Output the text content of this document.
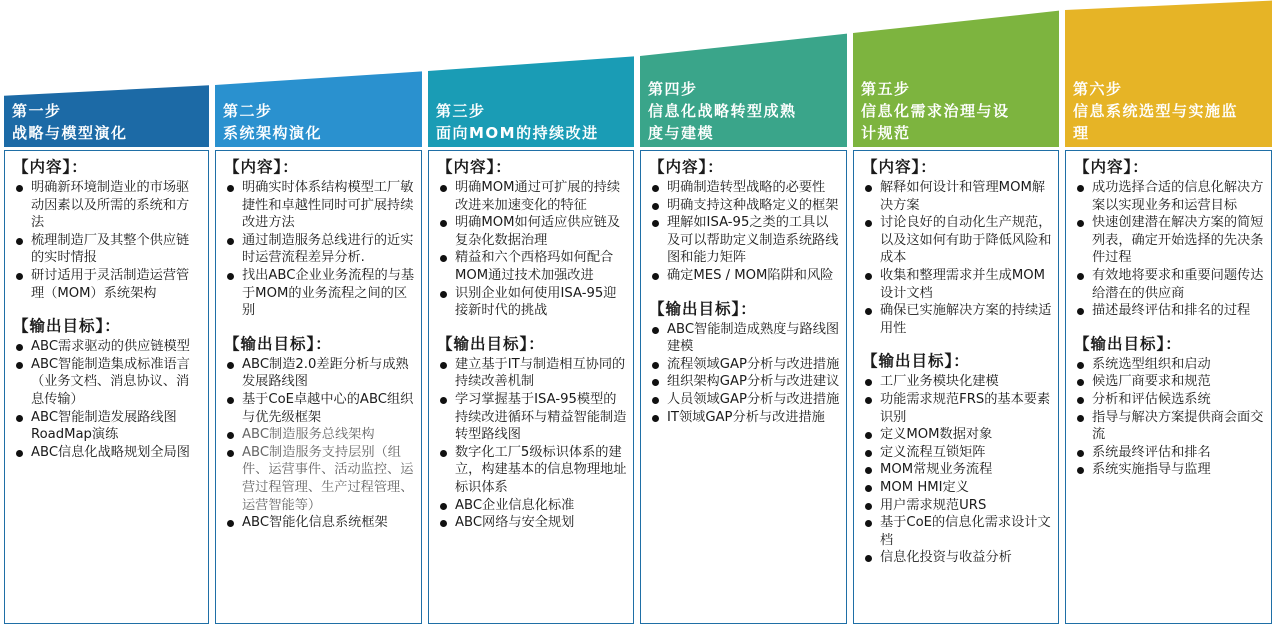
第一步
战略与模型演化
第二步
系统架构演化
第三步
面向MOM的持续改进
第四步
信息化战略转型成熟
度与建模
第五步
信息化需求治理与设
计规范
第六步
信息系统选型与实施监
理
【内容】：
明确新环境制造业的市场驱动因素以及所需的系统和方法
梳理制造厂及其整个供应链的实时情报
研讨适用于灵活制造运营管理（MOM）系统架构
【输出目标】：
ABC需求驱动的供应链模型
ABC智能制造集成标准语言（业务文档、消息协议、消息传输）
ABC智能制造发展路线图RoadMap演练
ABC信息化战略规划全局图
【内容】：
明确实时体系结构模型工厂敏捷性和卓越性同时可扩展持续改进方法
通过制造服务总线进行的近实时运营流程差异分析.
找出ABC企业业务流程的与基于MOM的业务流程之间的区别
【输出目标】：
ABC制造2.0差距分析与成熟发展路线图
基于CoE卓越中心的ABC组织与优先级框架
ABC制造服务总线架构
ABC制造服务支持层别（组件、运营事件、活动监控、运营过程管理、生产过程管理、运营智能等）
ABC智能化信息系统框架
【内容】：
明确MOM通过可扩展的持续改进来加速变化的特征
明确MOM如何适应供应链及复杂化数据治理
精益和六个西格玛如何配合MOM通过技术加强改进
识别企业如何使用ISA-95迎接新时代的挑战
【输出目标】：
建立基于IT与制造相互协同的持续改善机制
学习掌握基于ISA-95模型的持续改进循环与精益智能制造转型路线图
数字化工厂5级标识体系的建立，构建基本的信息物理地址标识体系
ABC企业信息化标准
ABC网络与安全规划
【内容】：
明确制造转型战略的必要性
明确支持这种战略定义的框架
理解如ISA-95之类的工具以及可以帮助定义制造系统路线图和能力矩阵
确定MES / MOM陷阱和风险
【输出目标】：
ABC智能制造成熟度与路线图建模
流程领域GAP分析与改进措施
组织架构GAP分析与改进建议
人员领域GAP分析与改进措施
IT领域GAP分析与改进措施
【内容】：
解释如何设计和管理MOM解决方案
讨论良好的自动化生产规范，以及这如何有助于降低风险和成本
收集和整理需求并生成MOM设计文档
确保已实施解决方案的持续适用性
【输出目标】：
工厂业务模块化建模
功能需求规范FRS的基本要素识别
定义MOM数据对象
定义流程互锁矩阵
MOM常规业务流程
MOM HMI定义
用户需求规范URS
基于CoE的信息化需求设计文档
信息化投资与收益分析
【内容】：
成功选择合适的信息化解决方案以实现业务和运营目标
快速创建潜在解决方案的简短列表，确定开始选择的先决条件过程
有效地将要求和重要问题传达给潜在的供应商
描述最终评估和排名的过程
【输出目标】：
系统选型组织和启动
候选厂商要求和规范
分析和评估候选系统
指导与解决方案提供商会面交流
系统最终评估和排名
系统实施指导与监理
